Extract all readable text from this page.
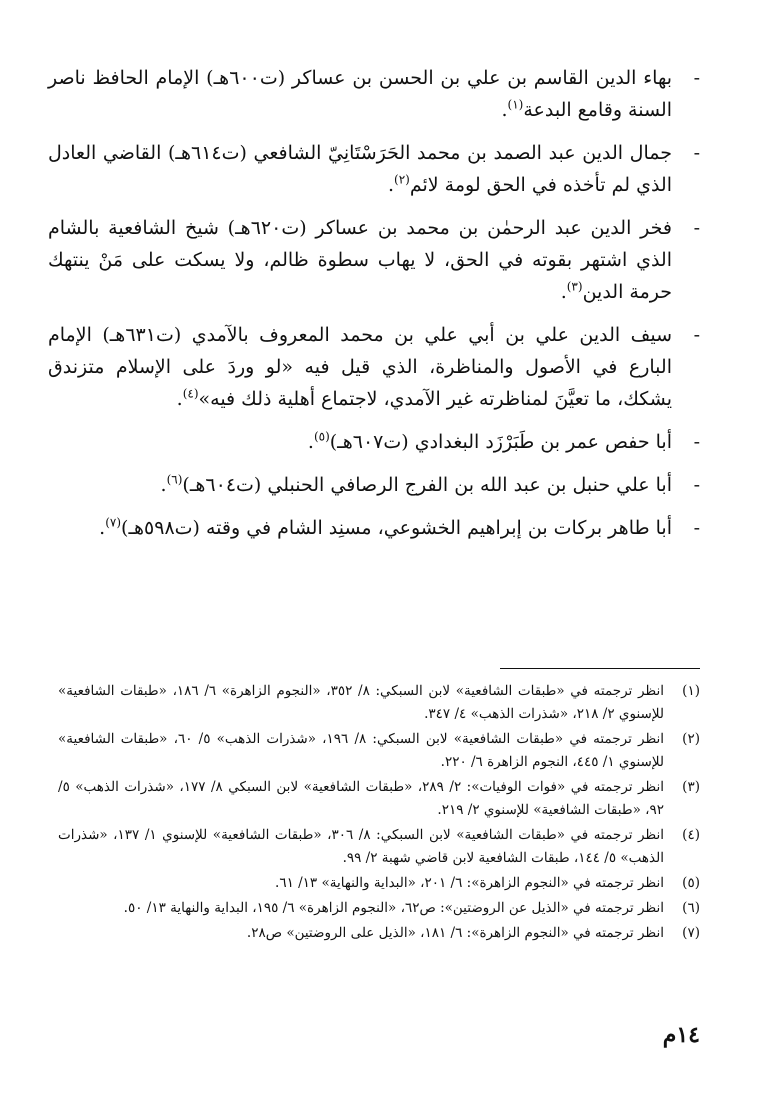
-
بهاء الدين القاسم بن علي بن الحسن بن عساكر (ت٦٠٠هـ) الإمام الحافظ ناصر السنة وقامع البدعة$^{(١)}$.
-
جمال الدين عبد الصمد بن محمد الحَرَسْتَانِيّ الشافعي (ت٦١٤هـ) القاضي العادل الذي لم تأخذه في الحق لومة لائم$^{(٢)}$.
-
فخر الدين عبد الرحمٰن بن محمد بن عساكر (ت٦٢٠هـ) شيخ الشافعية بالشام الذي اشتهر بقوته في الحق، لا يهاب سطوة ظالم، ولا يسكت على مَنْ ينتهك حرمة الدين$^{(٣)}$.
-
سيف الدين علي بن أبي علي بن محمد المعروف بالآمدي (ت٦٣١هـ) الإمام البارع في الأصول والمناظرة، الذي قيل فيه «لو وردَ على الإسلام متزندق يشكك، ما تعيَّنَ لمناظرته غير الآمدي، لاجتماع أهلية ذلك فيه»$^{(٤)}$.
-
أبا حفص عمر بن طَبَرْزَد البغدادي (ت٦٠٧هـ)$^{(٥)}$.
-
أبا علي حنبل بن عبد الله بن الفرج الرصافي الحنبلي (ت٦٠٤هـ)$^{(٦)}$.
-
أبا طاهر بركات بن إبراهيم الخشوعي، مسنِد الشام في وقته (ت٥٩٨هـ)$^{(٧)}$.
(١)
انظر ترجمته في «طبقات الشافعية» لابن السبكي: ٨/ ٣٥٢، «النجوم الزاهرة» ٦/ ١٨٦، «طبقات الشافعية» للإسنوي ٢/ ٢١٨، «شذرات الذهب» ٤/ ٣٤٧.
(٢)
انظر ترجمته في «طبقات الشافعية» لابن السبكي: ٨/ ١٩٦، «شذرات الذهب» ٥/ ٦٠، «طبقات الشافعية» للإسنوي ١/ ٤٤٥، النجوم الزاهرة ٦/ ٢٢٠.
(٣)
انظر ترجمته في «فوات الوفيات»: ٢/ ٢٨٩، «طبقات الشافعية» لابن السبكي ٨/ ١٧٧، «شذرات الذهب» ٥/ ٩٢، «طبقات الشافعية» للإسنوي ٢/ ٢١٩.
(٤)
انظر ترجمته في «طبقات الشافعية» لابن السبكي: ٨/ ٣٠٦، «طبقات الشافعية» للإسنوي ١/ ١٣٧، «شذرات الذهب» ٥/ ١٤٤، طبقات الشافعية لابن قاضي شهبة ٢/ ٩٩.
(٥)
انظر ترجمته في «النجوم الزاهرة»: ٦/ ٢٠١، «البداية والنهاية» ١٣/ ٦١.
(٦)
انظر ترجمته في «الذيل عن الروضتين»: ص٦٢، «النجوم الزاهرة» ٦/ ١٩٥، البداية والنهاية ١٣/ ٥٠.
(٧)
انظر ترجمته في «النجوم الزاهرة»: ٦/ ١٨١، «الذيل على الروضتين» ص٢٨.
١٤م
